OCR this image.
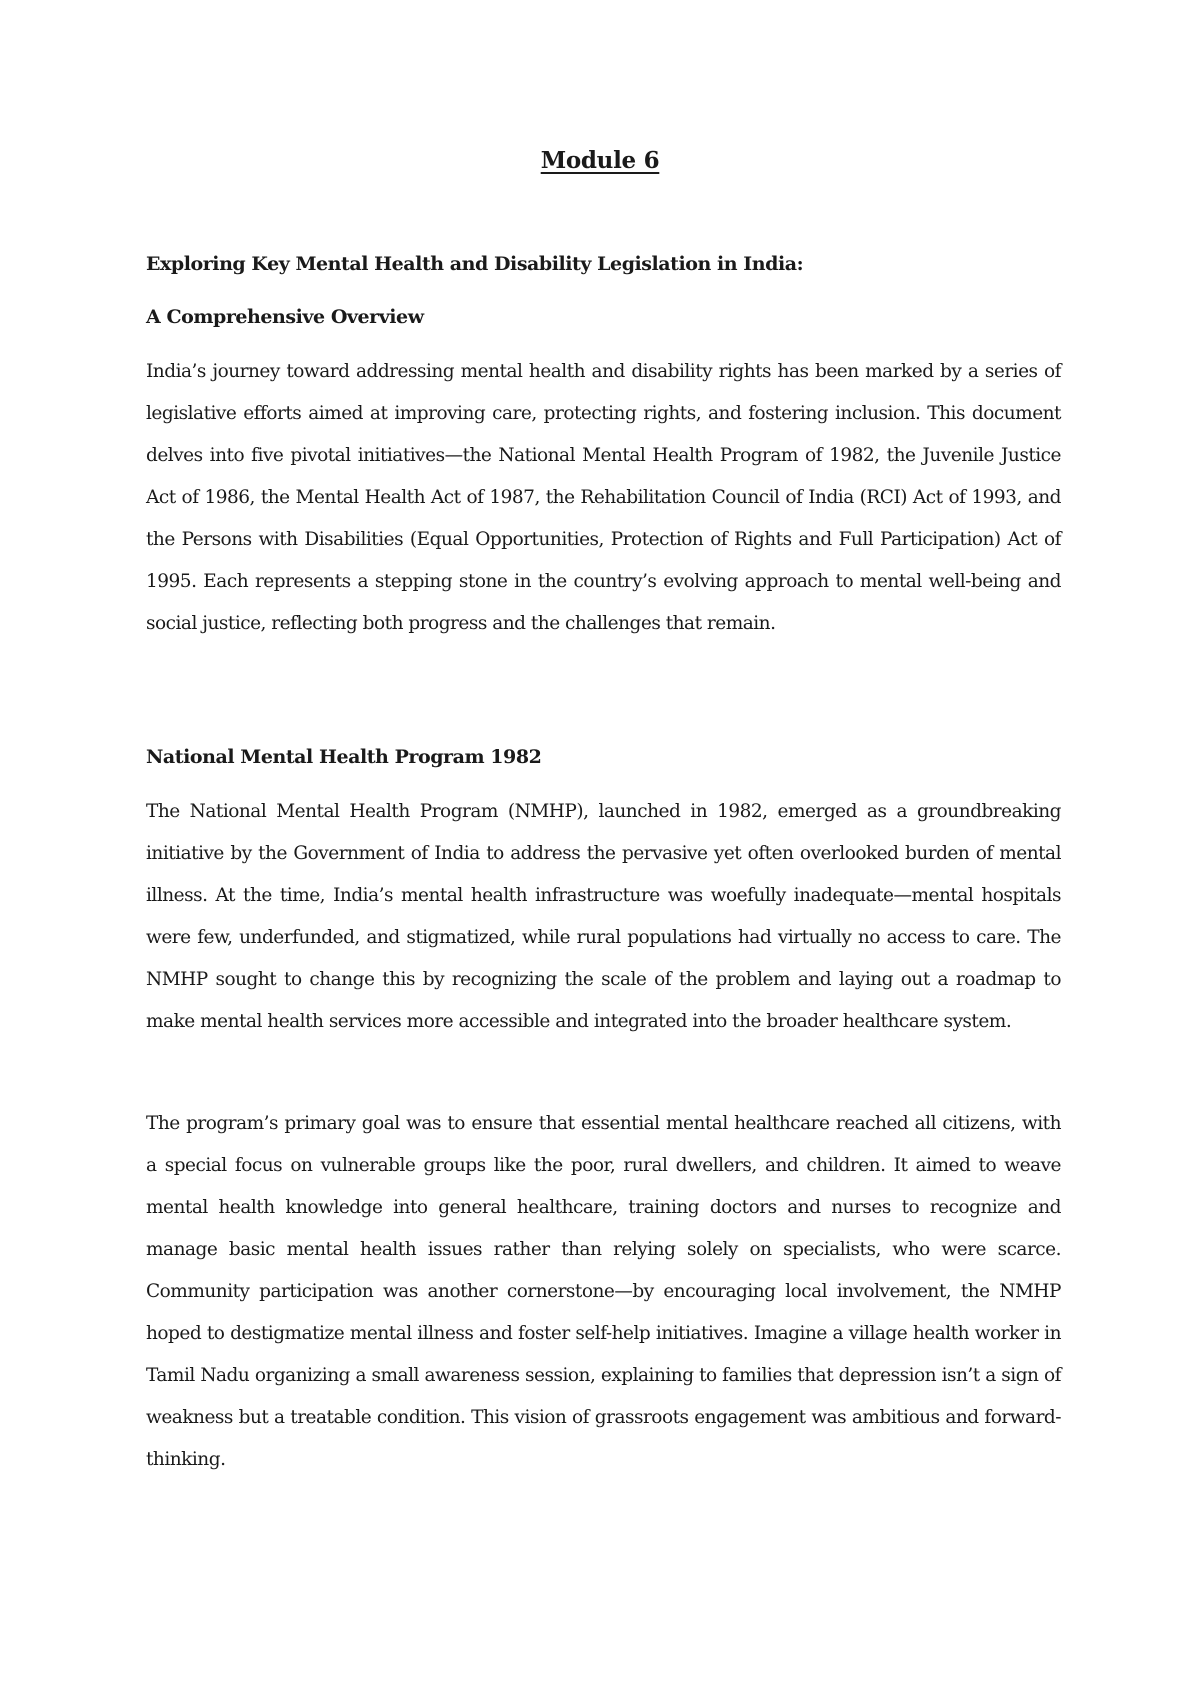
Module 6
Exploring Key Mental Health and Disability Legislation in India:
A Comprehensive Overview

India’s journey toward addressing mental health and disability rights has been marked by a series of legislative efforts aimed at improving care, protecting rights, and fostering inclusion. This document delves into five pivotal initiatives—the National Mental Health Program of 1982, the Juvenile Justice Act of 1986, the Mental Health Act of 1987, the Rehabilitation Council of India (RCI) Act of 1993, and the Persons with Disabilities (Equal Opportunities, Protection of Rights and Full Participation) Act of 1995. Each represents a stepping stone in the country’s evolving approach to mental well-being and social justice, reflecting both progress and the challenges that remain.

National Mental Health Program 1982

The National Mental Health Program (NMHP), launched in 1982, emerged as a groundbreaking initiative by the Government of India to address the pervasive yet often overlooked burden of mental illness. At the time, India’s mental health infrastructure was woefully inadequate—mental hospitals were few, underfunded, and stigmatized, while rural populations had virtually no access to care. The NMHP sought to change this by recognizing the scale of the problem and laying out a roadmap to make mental health services more accessible and integrated into the broader healthcare system.

The program’s primary goal was to ensure that essential mental healthcare reached all citizens, with a special focus on vulnerable groups like the poor, rural dwellers, and children. It aimed to weave mental health knowledge into general healthcare, training doctors and nurses to recognize and manage basic mental health issues rather than relying solely on specialists, who were scarce. Community participation was another cornerstone—by encouraging local involvement, the NMHP hoped to destigmatize mental illness and foster self-help initiatives. Imagine a village health worker in Tamil Nadu organizing a small awareness session, explaining to families that depression isn’t a sign of weakness but a treatable condition. This vision of grassroots engagement was ambitious and forward-thinking.
